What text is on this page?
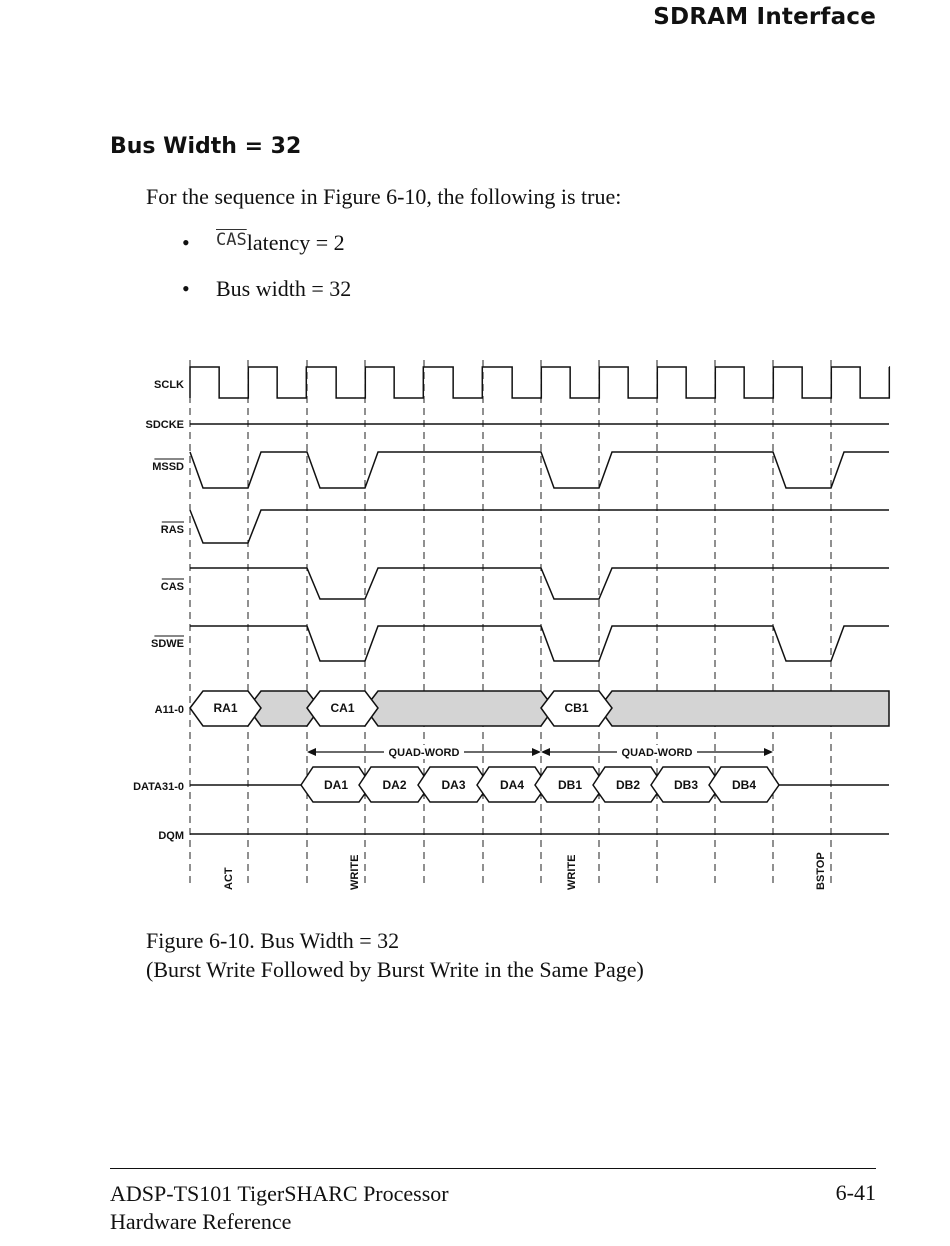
SDRAM Interface
Bus Width = 32

For the sequence in Figure 6-10, the following is true:

•	$\overline{CAS}$ latency = 2
•	Bus width = 32
SCLK
SDCKE
MSSD
RAS
CAS
SDWE
A11-0
DATA31-0
DQM
RA1	CA1	CB1
QUAD-WORD	QUAD-WORD
DA1	DA2	DA3	DA4	DB1	DB2	DB3	DB4
ACT	WRITE	WRITE	BSTOP
Figure 6-10. Bus Width = 32
(Burst Write Followed by Burst Write in the Same Page)
ADSP-TS101 TigerSHARC Processor
Hardware Reference
6-41
